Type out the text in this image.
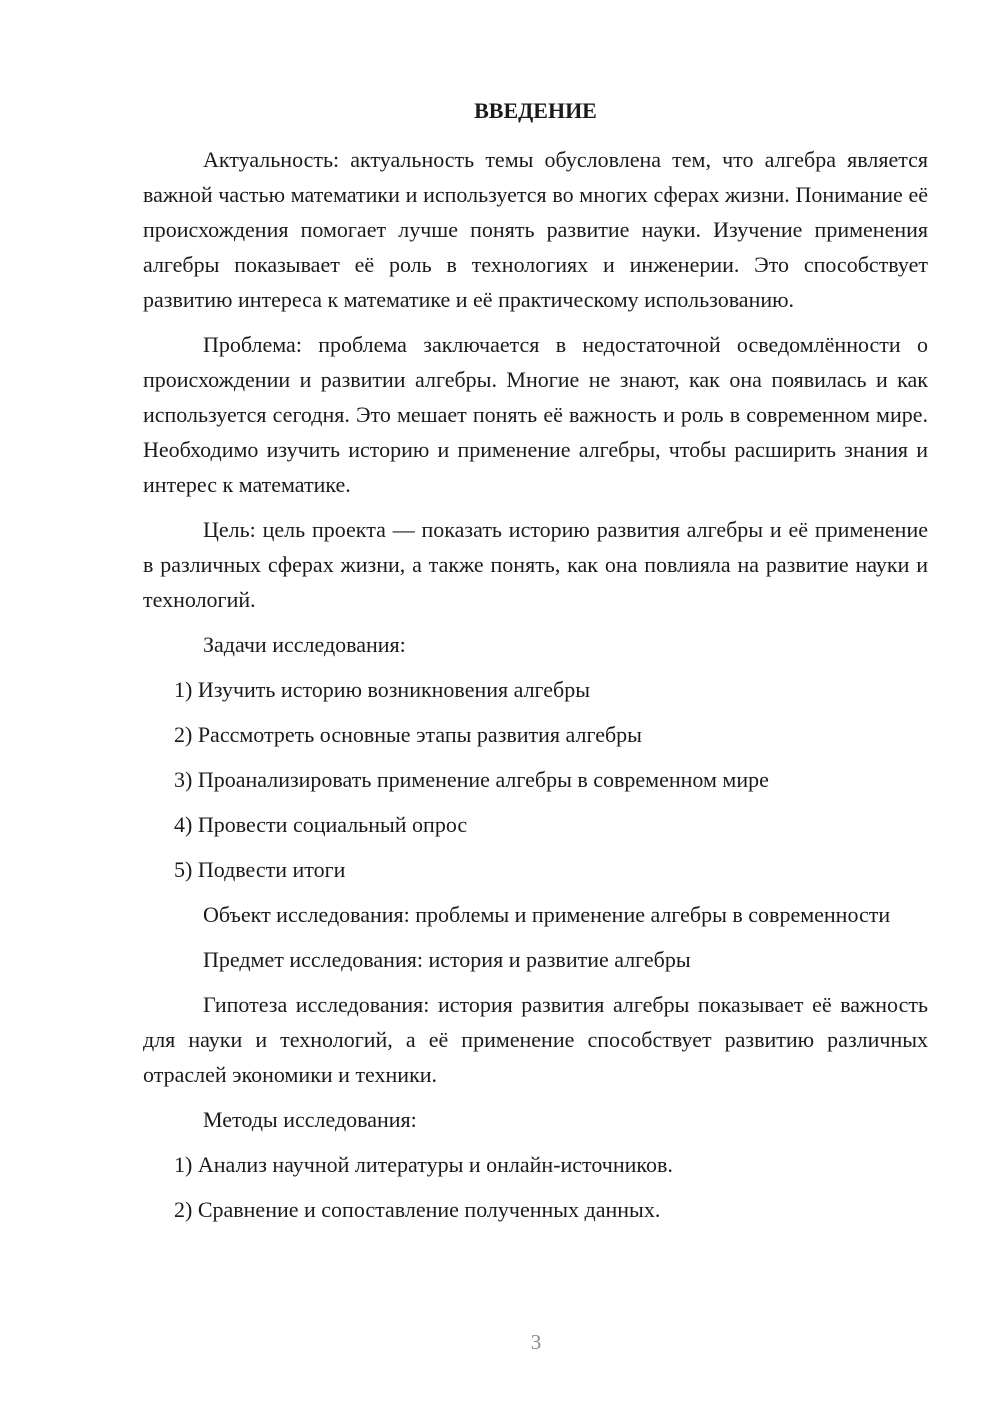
ВВЕДЕНИЕ

Актуальность: актуальность темы обусловлена тем, что алгебра является важной частью математики и используется во многих сферах жизни. Понимание её происхождения помогает лучше понять развитие науки. Изучение применения алгебры показывает её роль в технологиях и инженерии. Это способствует развитию интереса к математике и её практическому использованию.

Проблема: проблема заключается в недостаточной осведомлённости о происхождении и развитии алгебры. Многие не знают, как она появилась и как используется сегодня. Это мешает понять её важность и роль в современном мире. Необходимо изучить историю и применение алгебры, чтобы расширить знания и интерес к математике.

Цель: цель проекта — показать историю развития алгебры и её применение в различных сферах жизни, а также понять, как она повлияла на развитие науки и технологий.

Задачи исследования:

1) Изучить историю возникновения алгебры

2) Рассмотреть основные этапы развития алгебры

3) Проанализировать применение алгебры в современном мире

4) Провести социальный опрос

5) Подвести итоги

Объект исследования: проблемы и применение алгебры в современности

Предмет исследования: история и развитие алгебры

Гипотеза исследования: история развития алгебры показывает её важность для науки и технологий, а её применение способствует развитию различных отраслей экономики и техники.

Методы исследования:

1) Анализ научной литературы и онлайн-источников.

2) Сравнение и сопоставление полученных данных.

3
